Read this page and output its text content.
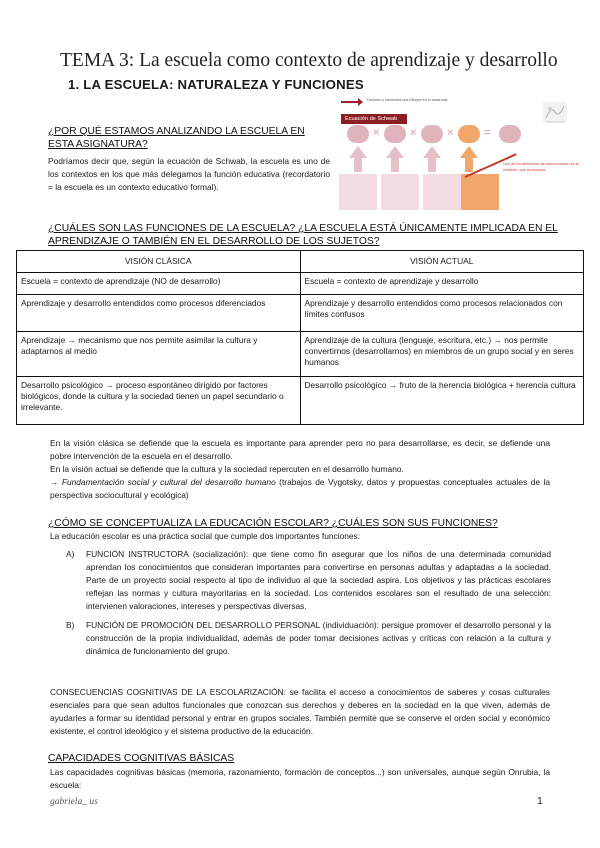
TEMA 3: La escuela como contexto de aprendizaje y desarrollo
1. LA ESCUELA: NATURALEZA Y FUNCIONES
¿POR QUÉ ESTAMOS ANALIZANDO LA ESCUELA EN ESTA ASIGNATURA?
Podríamos decir que, según la ecuación de Schwab, la escuela es uno de los contextos en los que más delegamos la función educativa (recordatorio = la escuela es un contexto educativo formal).
Factores o elementos que influyen en el desarrollo
Ecuación de Schwab
×	×	×	=
Uno de los elementos de esta ecuación es el contexto, que es escuela
¿CUÁLES SON LAS FUNCIONES DE LA ESCUELA? ¿LA ESCUELA ESTÁ ÚNICAMENTE IMPLICADA EN EL APRENDIZAJE O TAMBIÉN EN EL DESARROLLO DE LOS SUJETOS?
VISIÓN CLÁSICA	VISIÓN ACTUAL
Escuela = contexto de aprendizaje (NO de desarrollo)	Escuela = contexto de aprendizaje y desarrollo
Aprendizaje y desarrollo entendidos como procesos diferenciados	Aprendizaje y desarrollo entendidos como procesos relacionados con límites confusos
Aprendizaje → mecanismo que nos permite asimilar la cultura y adaptarnos al medio	Aprendizaje de la cultura (lenguaje, escritura, etc.) → nos permite convertirnos (desarrollarnos) en miembros de un grupo social y en seres humanos
Desarrollo psicológico → proceso espontáneo dirigido por factores biológicos, donde la cultura y la sociedad tienen un papel secundario o irrelevante.	Desarrollo psicológico → fruto de la herencia biológica + herencia cultura
En la visión clásica se defiende que la escuela es importante para aprender pero no para desarrollarse, es decir, se defiende una pobre intervención de la escuela en el desarrollo.
En la visión actual se defiende que la cultura y la sociedad repercuten en el desarrollo humano.
→ Fundamentación social y cultural del desarrollo humano (trabajos de Vygotsky, datos y propuestas conceptuales actuales de la perspectiva sociocultural y ecológica)
¿CÓMO SE CONCEPTUALIZA LA EDUCACIÓN ESCOLAR? ¿CUÁLES SON SUS FUNCIONES?
La educación escolar es una práctica social que cumple dos importantes funciones:
A) FUNCIÓN INSTRUCTORA (socialización): que tiene como fin asegurar que los niños de una determinada comunidad aprendan los conocimientos que consideran importantes para convertirse en personas adultas y adaptadas a la sociedad. Parte de un proyecto social respecto al tipo de individuo al que la sociedad aspira. Los objetivos y las prácticas escolares reflejan las normas y cultura mayoritarias en la sociedad. Los contenidos escolares son el resultado de una selección: intervienen valoraciones, intereses y perspectivas diversas.
B) FUNCIÓN DE PROMOCIÓN DEL DESARROLLO PERSONAL (individuación): persigue promover el desarrollo personal y la construcción de la propia individualidad, además de poder tomar decisiones activas y críticas con relación a la cultura y dinámica de funcionamiento del grupo.
CONSECUENCIAS COGNITIVAS DE LA ESCOLARIZACIÓN: se facilita el acceso a conocimientos de saberes y cosas culturales esenciales para que sean adultos funcionales que conozcan sus derechos y deberes en la sociedad en la que viven, además de ayudarles a formar su identidad personal y entrar en grupos sociales. También permite que se conserve el orden social y económico existente, el control ideológico y el sistema productivo de la educación.
CAPACIDADES COGNITIVAS BÁSICAS
Las capacidades cognitivas básicas (memoria, razonamiento, formación de conceptos...) son universales, aunque según Onrubia, la escuela:
gabriela_ us	1
